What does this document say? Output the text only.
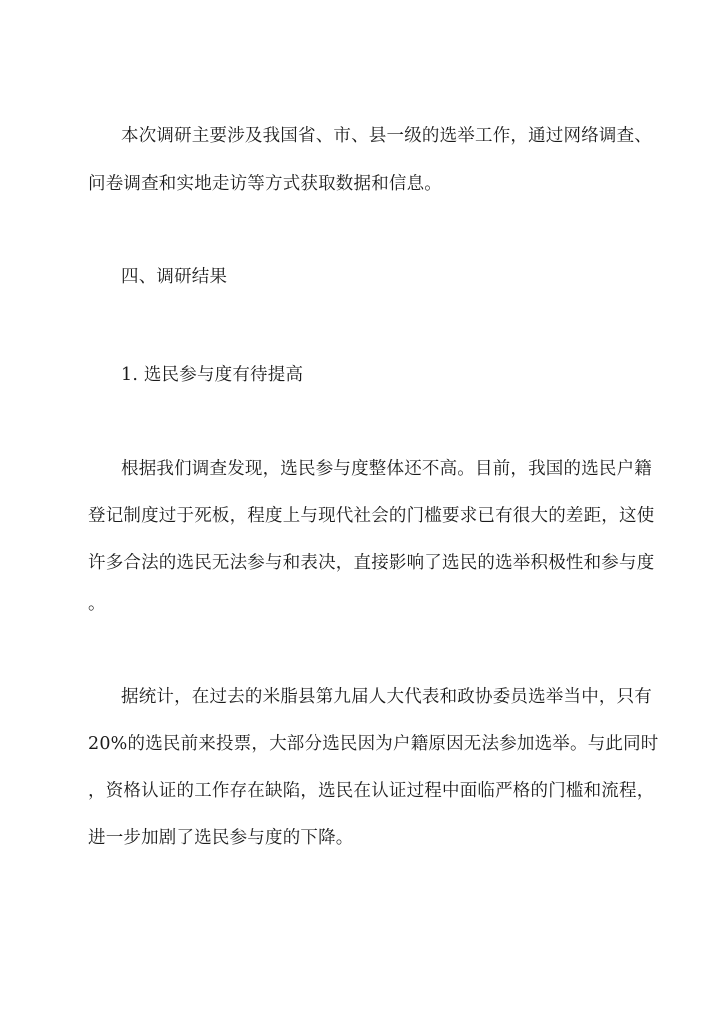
本次调研主要涉及我国省、市、县一级的选举工作，通过网络调查、
问卷调查和实地走访等方式获取数据和信息。
四、调研结果
1. 选民参与度有待提高
根据我们调查发现，选民参与度整体还不高。目前，我国的选民户籍
登记制度过于死板，程度上与现代社会的门槛要求已有很大的差距，这使
许多合法的选民无法参与和表决，直接影响了选民的选举积极性和参与度
。
据统计，在过去的米脂县第九届人大代表和政协委员选举当中，只有
20%的选民前来投票，大部分选民因为户籍原因无法参加选举。与此同时
，资格认证的工作存在缺陷，选民在认证过程中面临严格的门槛和流程，
进一步加剧了选民参与度的下降。
